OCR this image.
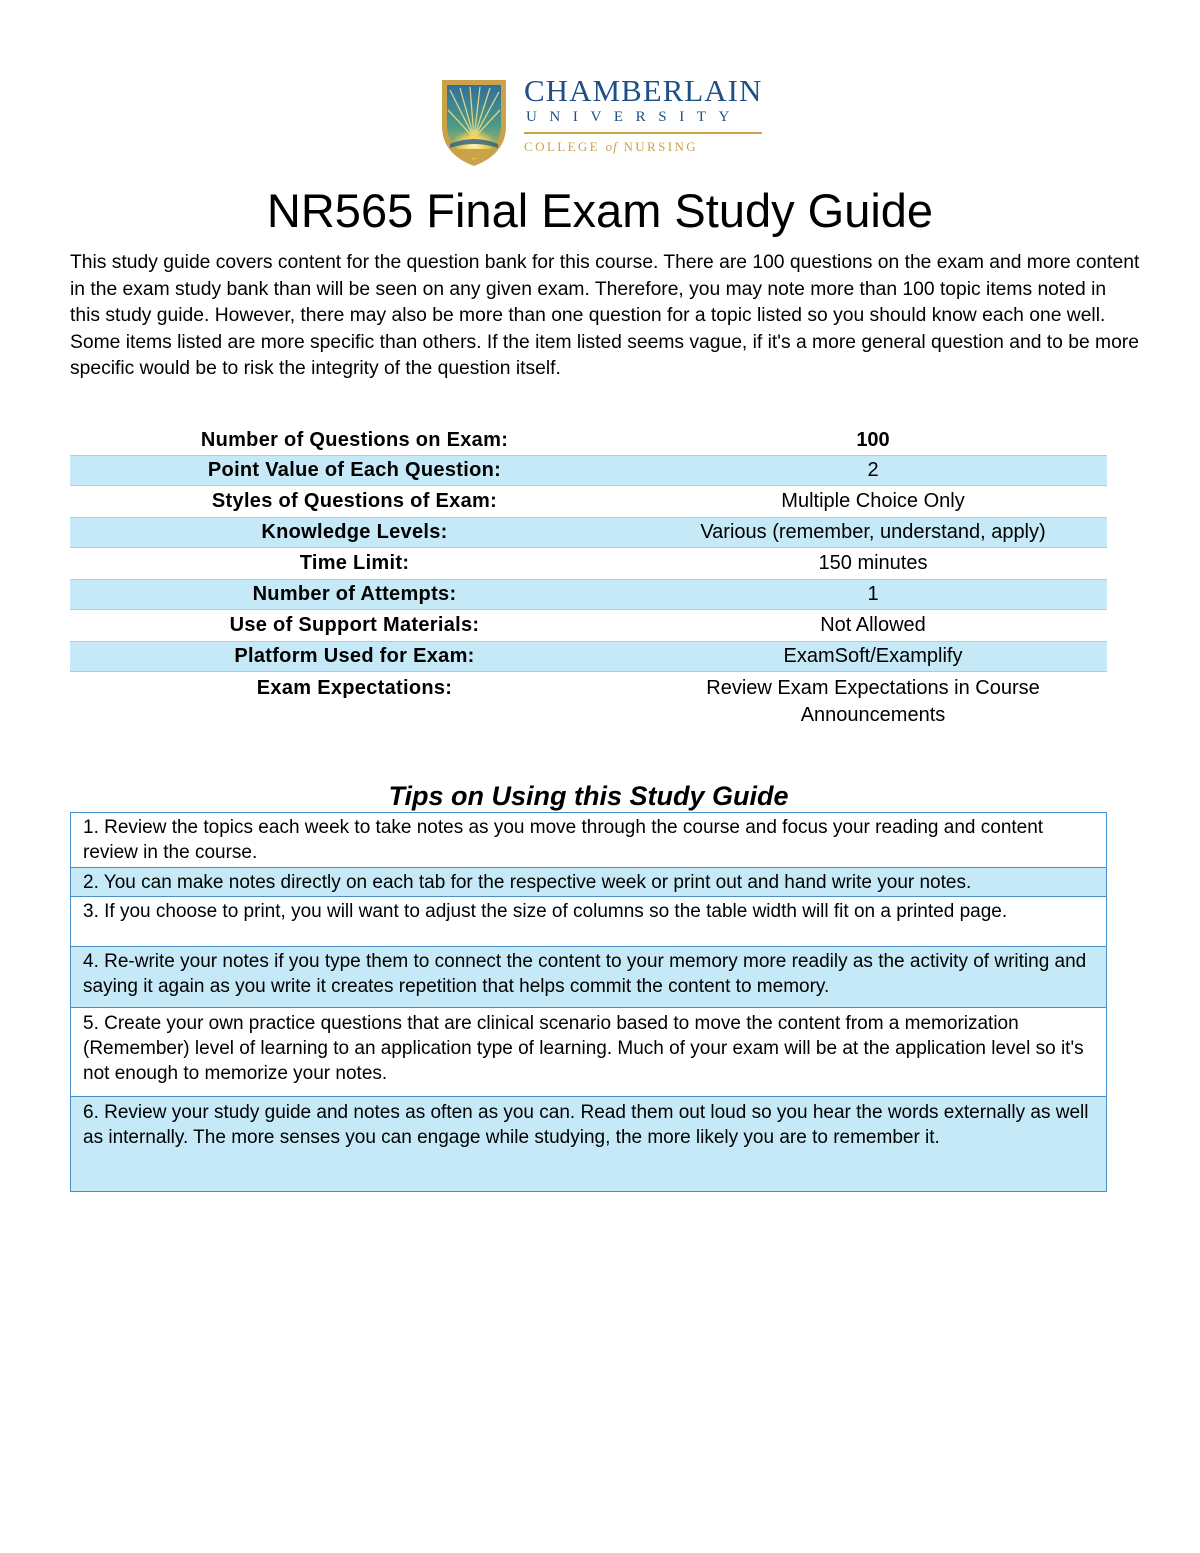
CHAMBERLAIN
UNIVERSITY
COLLEGE of NURSING
NR565 Final Exam Study Guide

This study guide covers content for the question bank for this course. There are 100 questions on the exam and more content in the exam study bank than will be seen on any given exam. Therefore, you may note more than 100 topic items noted in this study guide. However, there may also be more than one question for a topic listed so you should know each one well. Some items listed are more specific than others. If the item listed seems vague, if it's a more general question and to be more specific would be to risk the integrity of the question itself.

Number of Questions on Exam:	100
Point Value of Each Question:	2
Styles of Questions of Exam:	Multiple Choice Only
Knowledge Levels:	Various (remember, understand, apply)
Time Limit:	150 minutes
Number of Attempts:	1
Use of Support Materials:	Not Allowed
Platform Used for Exam:	ExamSoft/Examplify
Exam Expectations:	Review Exam Expectations in Course Announcements
Tips on Using this Study Guide
1. Review the topics each week to take notes as you move through the course and focus your reading and content review in the course.
2. You can make notes directly on each tab for the respective week or print out and hand write your notes.
3. If you choose to print, you will want to adjust the size of columns so the table width will fit on a printed page.
4. Re-write your notes if you type them to connect the content to your memory more readily as the activity of writing and saying it again as you write it creates repetition that helps commit the content to memory.
5. Create your own practice questions that are clinical scenario based to move the content from a memorization (Remember) level of learning to an application type of learning. Much of your exam will be at the application level so it's not enough to memorize your notes.
6. Review your study guide and notes as often as you can. Read them out loud so you hear the words externally as well as internally. The more senses you can engage while studying, the more likely you are to remember it.
